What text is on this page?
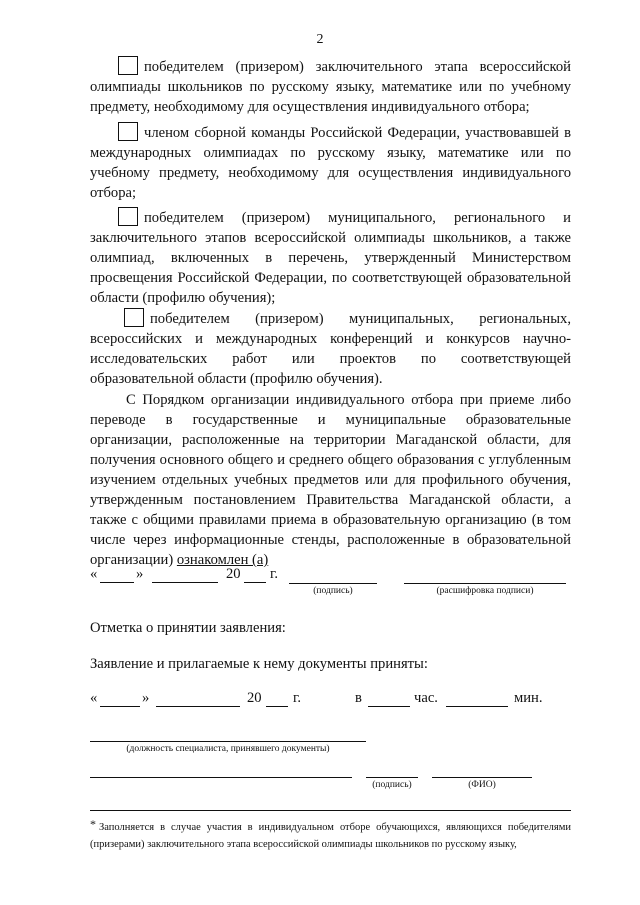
2
победителем (призером) заключительного этапа всероссийской олимпиады школьников по русскому языку, математике или по учебному предмету, необходимому для осуществления индивидуального отбора;
членом сборной команды Российской Федерации, участвовавшей в международных олимпиадах по русскому языку, математике или по учебному предмету, необходимому для осуществления индивидуального отбора;
победителем (призером) муниципального, регионального и заключительного этапов всероссийской олимпиады школьников, а также олимпиад, включенных в перечень, утвержденный Министерством просвещения Российской Федерации, по соответствующей образовательной области (профилю обучения);
победителем (призером) муниципальных, региональных, всероссийских и международных конференций и конкурсов научно-исследовательских работ или проектов по соответствующей образовательной области (профилю обучения).
С Порядком организации индивидуального отбора при приеме либо переводе в государственные и муниципальные образовательные организации, расположенные на территории Магаданской области, для получения основного общего и среднего общего образования с углубленным изучением отдельных учебных предметов или для профильного обучения, утвержденным постановлением Правительства Магаданской области, а также с общими правилами приема в образовательную организацию (в том числе через информационные стенды, расположенные в образовательной организации) ознакомлен (а)
«	»	20 г.
(подпись)	(расшифровка подписи)
Отметка о принятии заявления:
Заявление и прилагаемые к нему документы приняты:
«	»	20 г.	в	час.	мин.
(должность специалиста, принявшего документы)
(подпись)	(ФИО)
* Заполняется в случае участия в индивидуальном отборе обучающихся, являющихся победителями (призерами) заключительного этапа всероссийской олимпиады школьников по русскому языку,
